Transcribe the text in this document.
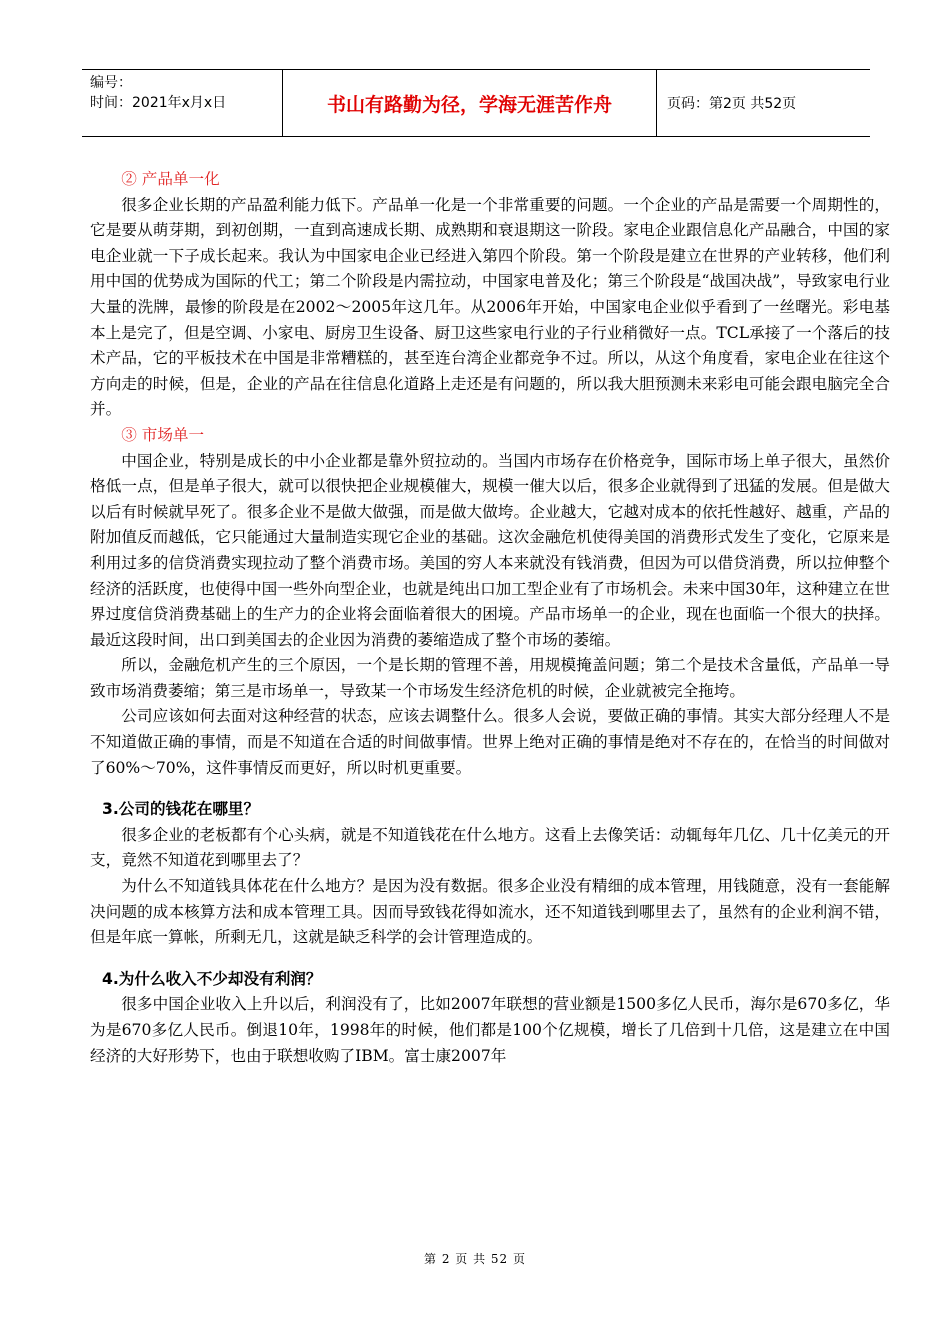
编号：
时间：2021年x月x日	书山有路勤为径，学海无涯苦作舟	页码：第2页 共52页

② 产品单一化

很多企业长期的产品盈利能力低下。产品单一化是一个非常重要的问题。一个企业的产品是需要一个周期性的，它是要从萌芽期，到初创期，一直到高速成长期、成熟期和衰退期这一阶段。家电企业跟信息化产品融合，中国的家电企业就一下子成长起来。我认为中国家电企业已经进入第四个阶段。第一个阶段是建立在世界的产业转移，他们利用中国的优势成为国际的代工；第二个阶段是内需拉动，中国家电普及化；第三个阶段是“战国决战”，导致家电行业大量的洗牌，最惨的阶段是在2002～2005年这几年。从2006年开始，中国家电企业似乎看到了一丝曙光。彩电基本上是完了，但是空调、小家电、厨房卫生设备、厨卫这些家电行业的子行业稍微好一点。TCL承接了一个落后的技术产品，它的平板技术在中国是非常糟糕的，甚至连台湾企业都竞争不过。所以，从这个角度看，家电企业在往这个方向走的时候，但是，企业的产品在往信息化道路上走还是有问题的，所以我大胆预测未来彩电可能会跟电脑完全合并。

③ 市场单一

中国企业，特别是成长的中小企业都是靠外贸拉动的。当国内市场存在价格竞争，国际市场上单子很大，虽然价格低一点，但是单子很大，就可以很快把企业规模催大，规模一催大以后，很多企业就得到了迅猛的发展。但是做大以后有时候就早死了。很多企业不是做大做强，而是做大做垮。企业越大，它越对成本的依托性越好、越重，产品的附加值反而越低，它只能通过大量制造实现它企业的基础。这次金融危机使得美国的消费形式发生了变化，它原来是利用过多的信贷消费实现拉动了整个消费市场。美国的穷人本来就没有钱消费，但因为可以借贷消费，所以拉伸整个经济的活跃度，也使得中国一些外向型企业，也就是纯出口加工型企业有了市场机会。未来中国30年，这种建立在世界过度信贷消费基础上的生产力的企业将会面临着很大的困境。产品市场单一的企业，现在也面临一个很大的抉择。最近这段时间，出口到美国去的企业因为消费的萎缩造成了整个市场的萎缩。

所以，金融危机产生的三个原因，一个是长期的管理不善，用规模掩盖问题；第二个是技术含量低，产品单一导致市场消费萎缩；第三是市场单一，导致某一个市场发生经济危机的时候，企业就被完全拖垮。

公司应该如何去面对这种经营的状态，应该去调整什么。很多人会说，要做正确的事情。其实大部分经理人不是不知道做正确的事情，而是不知道在合适的时间做事情。世界上绝对正确的事情是绝对不存在的，在恰当的时间做对了60%～70%，这件事情反而更好，所以时机更重要。

3.公司的钱花在哪里？

很多企业的老板都有个心头病，就是不知道钱花在什么地方。这看上去像笑话：动辄每年几亿、几十亿美元的开支，竟然不知道花到哪里去了？

为什么不知道钱具体花在什么地方？是因为没有数据。很多企业没有精细的成本管理，用钱随意，没有一套能解决问题的成本核算方法和成本管理工具。因而导致钱花得如流水，还不知道钱到哪里去了，虽然有的企业利润不错，但是年底一算帐，所剩无几，这就是缺乏科学的会计管理造成的。

4.为什么收入不少却没有利润？

很多中国企业收入上升以后，利润没有了，比如2007年联想的营业额是1500多亿人民币，海尔是670多亿，华为是670多亿人民币。倒退10年，1998年的时候，他们都是100个亿规模，增长了几倍到十几倍，这是建立在中国经济的大好形势下，也由于联想收购了IBM。富士康2007年

第 2 页 共 52 页
